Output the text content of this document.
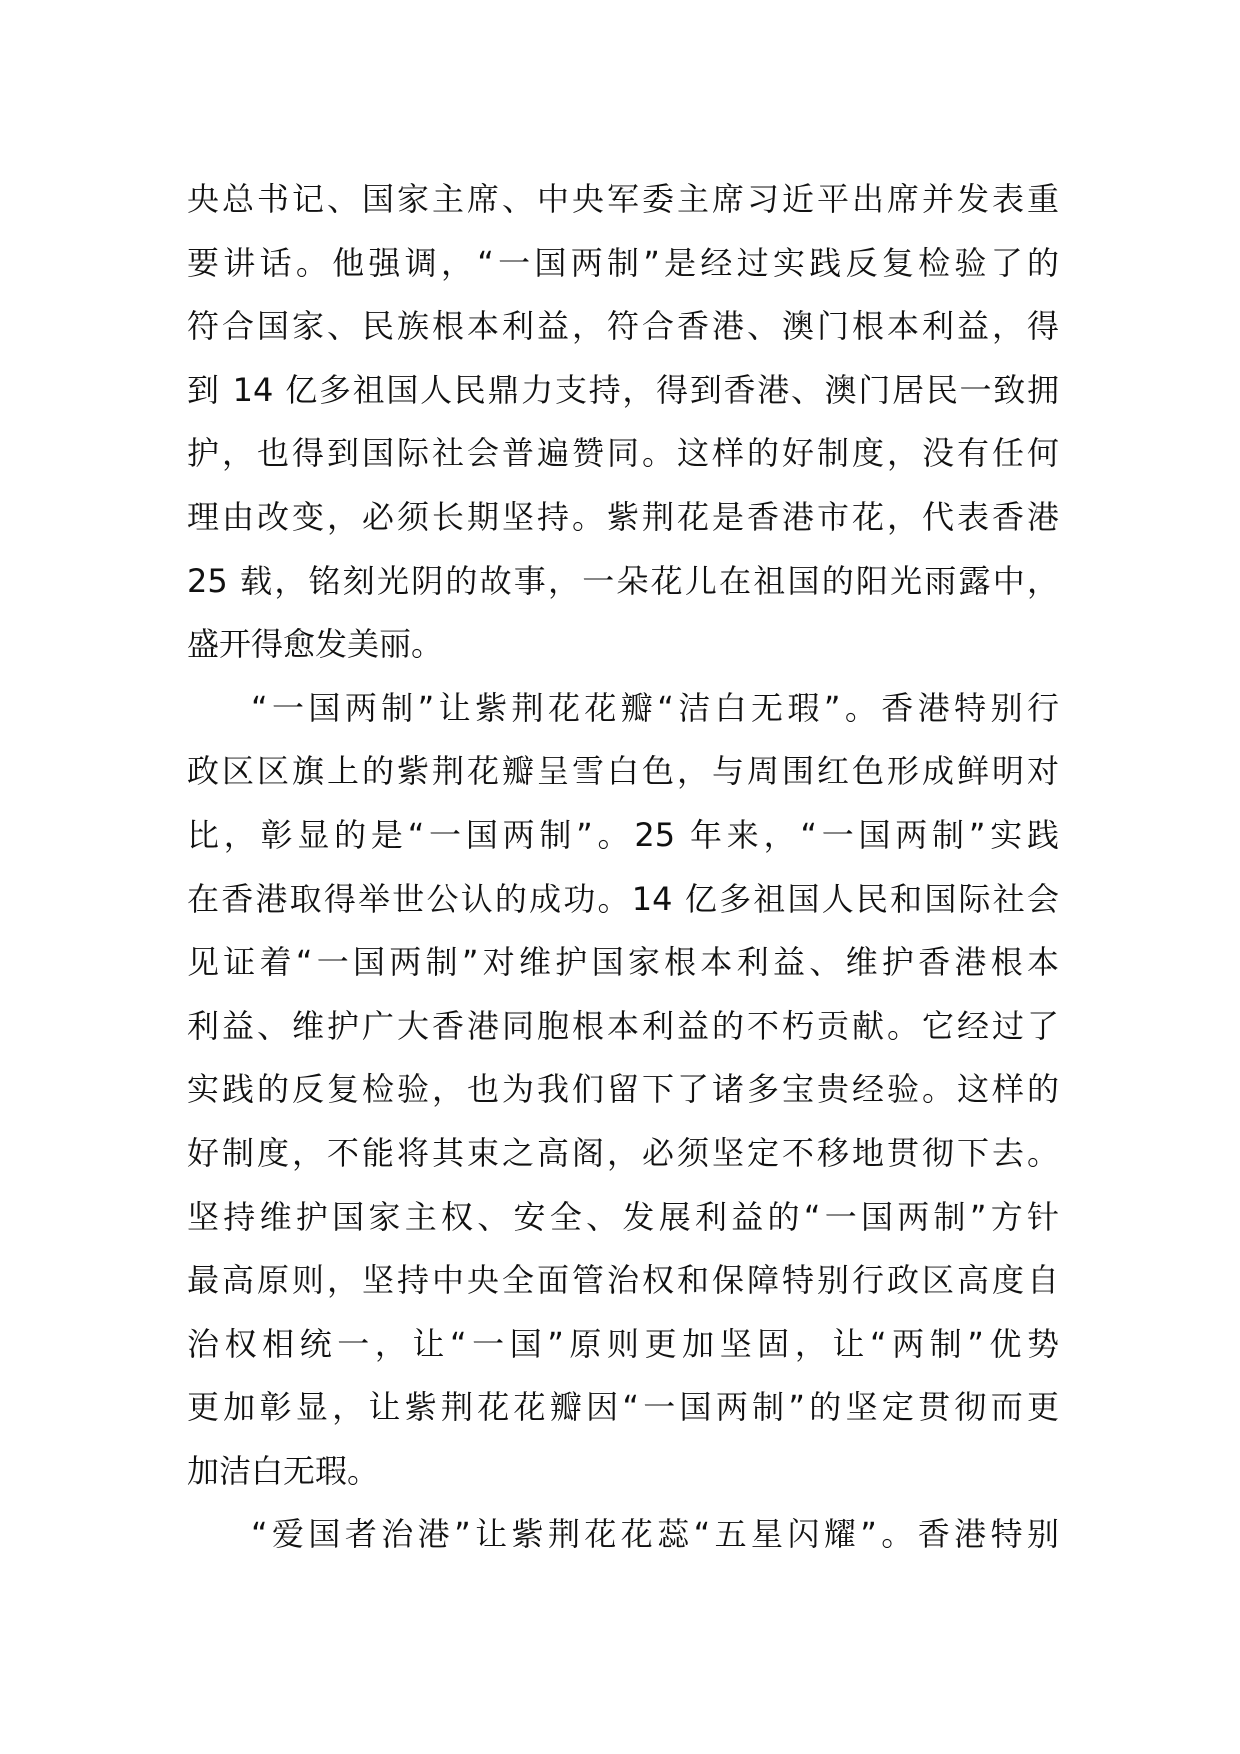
央总书记、国家主席、中央军委主席习近平出席并发表重
要讲话。他强调，“一国两制”是经过实践反复检验了的
符合国家、民族根本利益，符合香港、澳门根本利益，得
到 14 亿多祖国人民鼎力支持，得到香港、澳门居民一致拥
护，也得到国际社会普遍赞同。这样的好制度，没有任何
理由改变，必须长期坚持。紫荆花是香港市花，代表香港
25 载，铭刻光阴的故事，一朵花儿在祖国的阳光雨露中，
盛开得愈发美丽。
“一国两制”让紫荆花花瓣“洁白无瑕”。香港特别行
政区区旗上的紫荆花瓣呈雪白色，与周围红色形成鲜明对
比，彰显的是“一国两制”。25 年来，“一国两制”实践
在香港取得举世公认的成功。14 亿多祖国人民和国际社会
见证着“一国两制”对维护国家根本利益、维护香港根本
利益、维护广大香港同胞根本利益的不朽贡献。它经过了
实践的反复检验，也为我们留下了诸多宝贵经验。这样的
好制度，不能将其束之高阁，必须坚定不移地贯彻下去。
坚持维护国家主权、安全、发展利益的“一国两制”方针
最高原则，坚持中央全面管治权和保障特别行政区高度自
治权相统一，让“一国”原则更加坚固，让“两制”优势
更加彰显，让紫荆花花瓣因“一国两制”的坚定贯彻而更
加洁白无瑕。
“爱国者治港”让紫荆花花蕊“五星闪耀”。香港特别
